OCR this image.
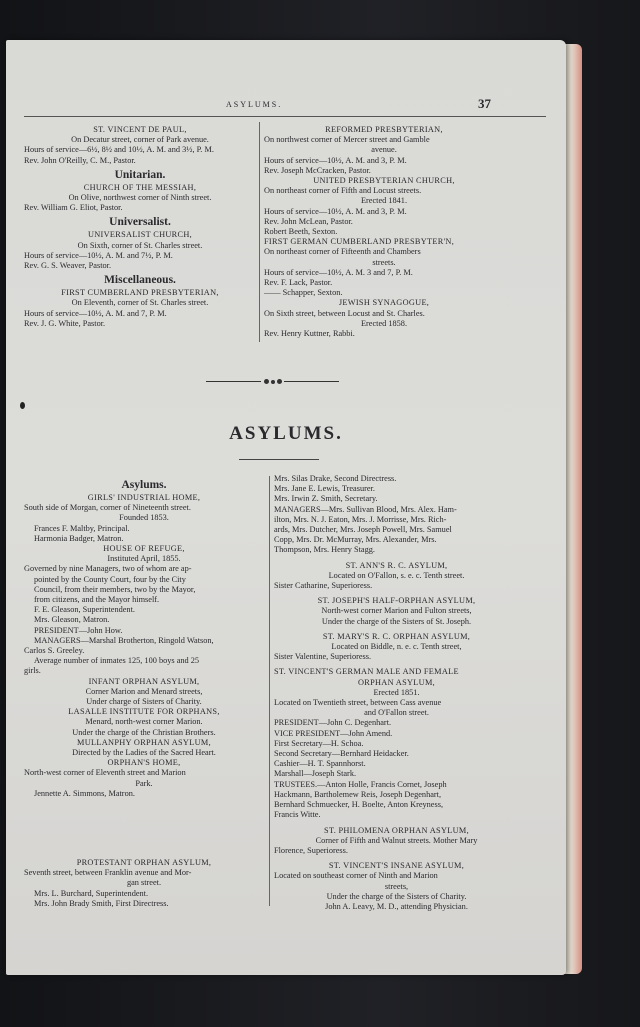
ASYLUMS.	37
ST. VINCENT DE PAUL,
On Decatur street, corner of Park avenue.
Hours of service—6½, 8½ and 10½, A. M. and 3½, P. M.
Rev. John O'Reilly, C. M., Pastor.
Unitarian.
CHURCH OF THE MESSIAH,
On Olive, northwest corner of Ninth street.
Rev. William G. Eliot, Pastor.
Universalist.
UNIVERSALIST CHURCH,
On Sixth, corner of St. Charles street.
Hours of service—10½, A. M. and 7½, P. M.
Rev. G. S. Weaver, Pastor.
Miscellaneous.
FIRST CUMBERLAND PRESBYTERIAN,
On Eleventh, corner of St. Charles street.
Hours of service—10½, A. M. and 7, P. M.
Rev. J. G. White, Pastor.
REFORMED PRESBYTERIAN,
On northwest corner of Mercer street and Gamble
avenue.
Hours of service—10½, A. M. and 3, P. M.
Rev. Joseph McCracken, Pastor.
UNITED PRESBYTERIAN CHURCH,
On northeast corner of Fifth and Locust streets.
Erected 1841.
Hours of service—10½, A. M. and 3, P. M.
Rev. John McLean, Pastor.
Robert Beeth, Sexton.
FIRST GERMAN CUMBERLAND PRESBYTER'N,
On northeast corner of Fifteenth and Chambers
streets.
Hours of service—10½, A. M. 3 and 7, P. M.
Rev. F. Lack, Pastor.
—— Schapper, Sexton.
JEWISH SYNAGOGUE,
On Sixth street, between Locust and St. Charles.
Erected 1858.
Rev. Henry Kuttner, Rabbi.
ASYLUMS.
Asylums.
GIRLS' INDUSTRIAL HOME,
South side of Morgan, corner of Nineteenth street.
Founded 1853.
Frances F. Maltby, Principal.
Harmonia Badger, Matron.
HOUSE OF REFUGE,
Instituted April, 1855.
Governed by nine Managers, two of whom are ap-
pointed by the County Court, four by the City
Council, from their members, two by the Mayor,
from citizens, and the Mayor himself.
F. E. Gleason, Superintendent.
Mrs. Gleason, Matron.
PRESIDENT—John How.
MANAGERS—Marshal Brotherton, Ringold Watson,
Carlos S. Greeley.
Average number of inmates 125, 100 boys and 25
girls.
INFANT ORPHAN ASYLUM,
Corner Marion and Menard streets,
Under charge of Sisters of Charity.
LASALLE INSTITUTE FOR ORPHANS,
Menard, north-west corner Marion.
Under the charge of the Christian Brothers.
MULLANPHY ORPHAN ASYLUM,
Directed by the Ladies of the Sacred Heart.
ORPHAN'S HOME,
North-west corner of Eleventh street and Marion
Park.
Jennette A. Simmons, Matron.
PROTESTANT ORPHAN ASYLUM,
Seventh street, between Franklin avenue and Mor-
gan street.
Mrs. L. Burchard, Superintendent.
Mrs. John Brady Smith, First Directress.
Mrs. Silas Drake, Second Directress.
Mrs. Jane E. Lewis, Treasurer.
Mrs. Irwin Z. Smith, Secretary.
MANAGERS—Mrs. Sullivan Blood, Mrs. Alex. Ham-
ilton, Mrs. N. J. Eaton, Mrs. J. Morrisse, Mrs. Rich-
ards, Mrs. Dutcher, Mrs. Joseph Powell, Mrs. Samuel
Copp, Mrs. Dr. McMurray, Mrs. Alexander, Mrs.
Thompson, Mrs. Henry Stagg.
ST. ANN'S R. C. ASYLUM,
Located on O'Fallon, s. e. c. Tenth street.
Sister Catharine, Superioress.
ST. JOSEPH'S HALF-ORPHAN ASYLUM,
North-west corner Marion and Fulton streets,
Under the charge of the Sisters of St. Joseph.
ST. MARY'S R. C. ORPHAN ASYLUM,
Located on Biddle, n. e. c. Tenth street,
Sister Valentine, Superioress.
ST. VINCENT'S GERMAN MALE AND FEMALE
ORPHAN ASYLUM,
Erected 1851.
Located on Twentieth street, between Cass avenue
and O'Fallon street.
PRESIDENT—John C. Degenhart.
VICE PRESIDENT—John Amend.
First Secretary—H. Schoa.
Second Secretary—Bernhard Heidacker.
Cashier—H. T. Spannhorst.
Marshall—Joseph Stark.
TRUSTEES.—Anton Holle, Francis Cornet, Joseph
Hackmann, Bartholemew Reis, Joseph Degenhart,
Bernhard Schmuecker, H. Boelte, Anton Kreyness,
Francis Witte.
ST. PHILOMENA ORPHAN ASYLUM,
Corner of Fifth and Walnut streets. Mother Mary
Florence, Superioress.
ST. VINCENT'S INSANE ASYLUM,
Located on southeast corner of Ninth and Marion
streets,
Under the charge of the Sisters of Charity.
John A. Leavy, M. D., attending Physician.
